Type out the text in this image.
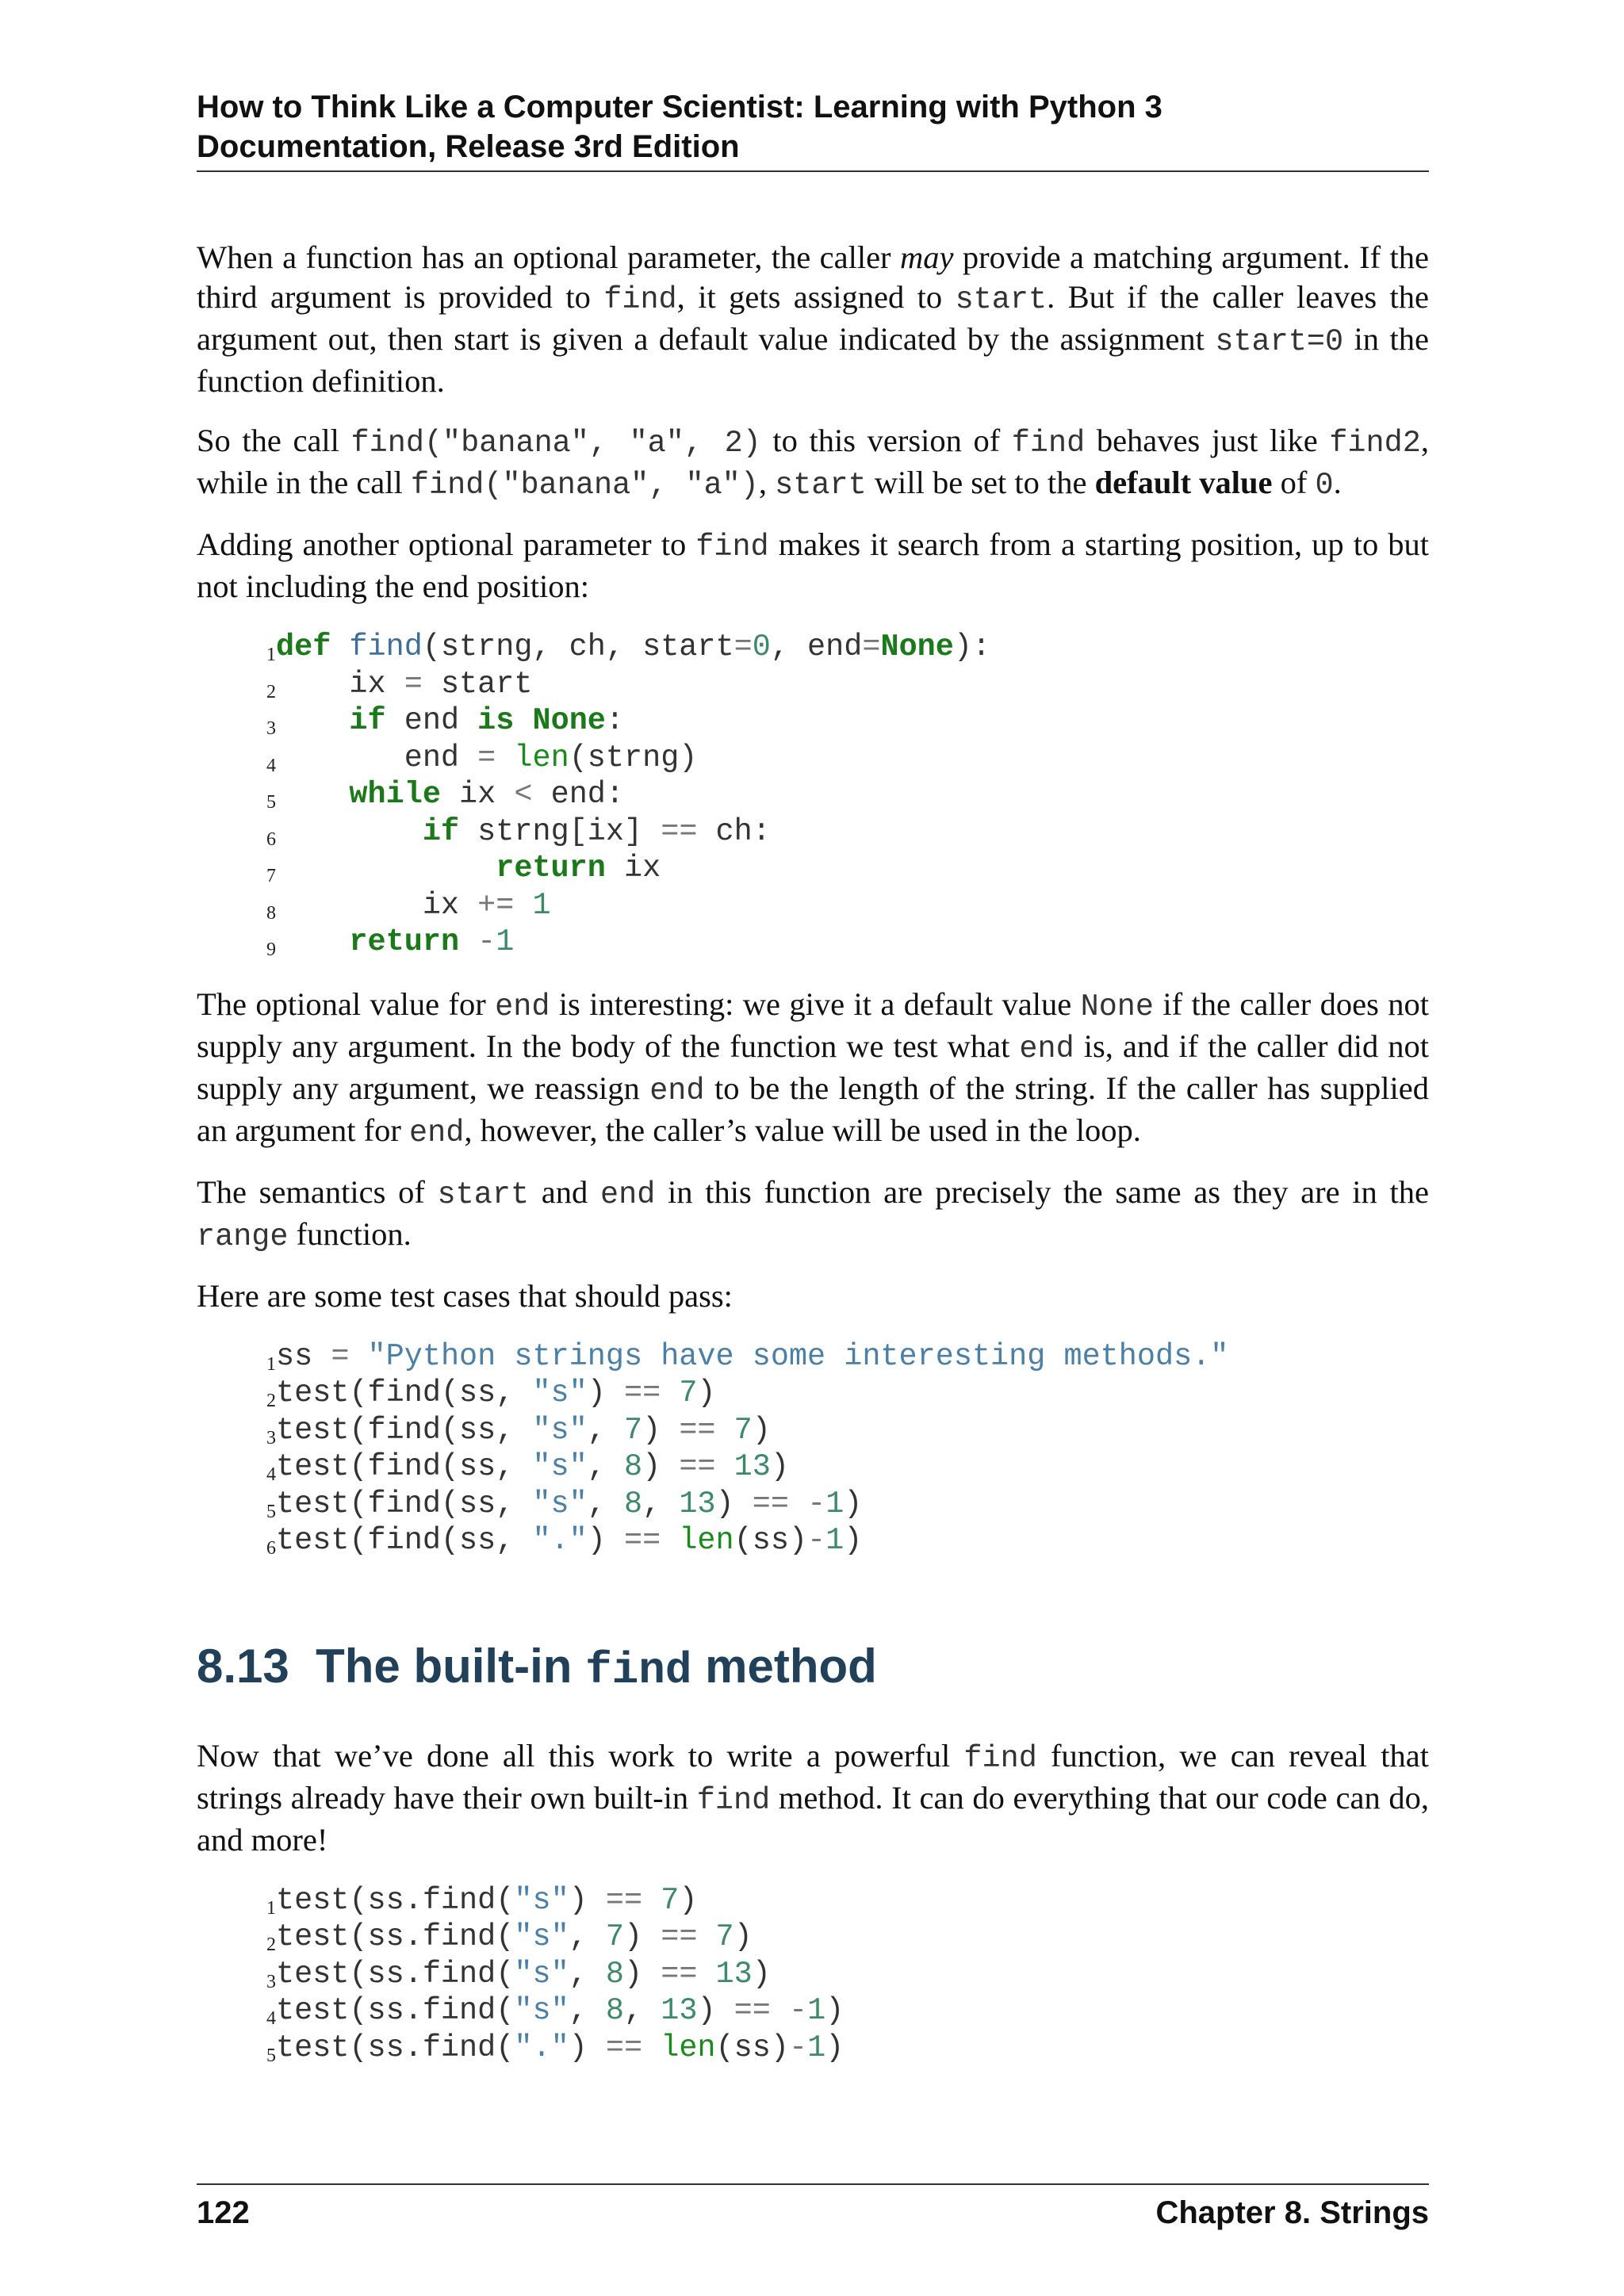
How to Think Like a Computer Scientist: Learning with Python 3
Documentation, Release 3rd Edition

When a function has an optional parameter, the caller may provide a matching argument. If the third argument is provided to find, it gets assigned to start. But if the caller leaves the argument out, then start is given a default value indicated by the assignment start=0 in the function definition.

So the call find("banana", "a", 2) to this version of find behaves just like find2, while in the call find("banana", "a"), start will be set to the default value of 0.

Adding another optional parameter to find makes it search from a starting position, up to but not including the end position:

1 def find(strng, ch, start=0, end=None):
2 ix = start
3	if end is None:
4 end = len(strng)
5	while ix < end:
6	if strng[ix] == ch:
7	return ix
8 ix += 1
9	return -1

The optional value for end is interesting: we give it a default value None if the caller does not supply any argument. In the body of the function we test what end is, and if the caller did not supply any argument, we reassign end to be the length of the string. If the caller has supplied an argument for end, however, the caller’s value will be used in the loop.

The semantics of start and end in this function are precisely the same as they are in the range function.

Here are some test cases that should pass:

1 ss = "Python strings have some interesting methods."
2 test(find(ss, "s") == 7)
3 test(find(ss, "s", 7) == 7)
4 test(find(ss, "s", 8) == 13)
5 test(find(ss, "s", 8, 13) == -1)
6 test(find(ss, ".") == len(ss)-1)
8.13 The built-in find method

Now that we’ve done all this work to write a powerful find function, we can reveal that strings already have their own built-in find method. It can do everything that our code can do, and more!

1 test(ss.find("s") == 7)
2 test(ss.find("s", 7) == 7)
3 test(ss.find("s", 8) == 13)
4 test(ss.find("s", 8, 13) == -1)
5 test(ss.find(".") == len(ss)-1)
122	Chapter 8. Strings
